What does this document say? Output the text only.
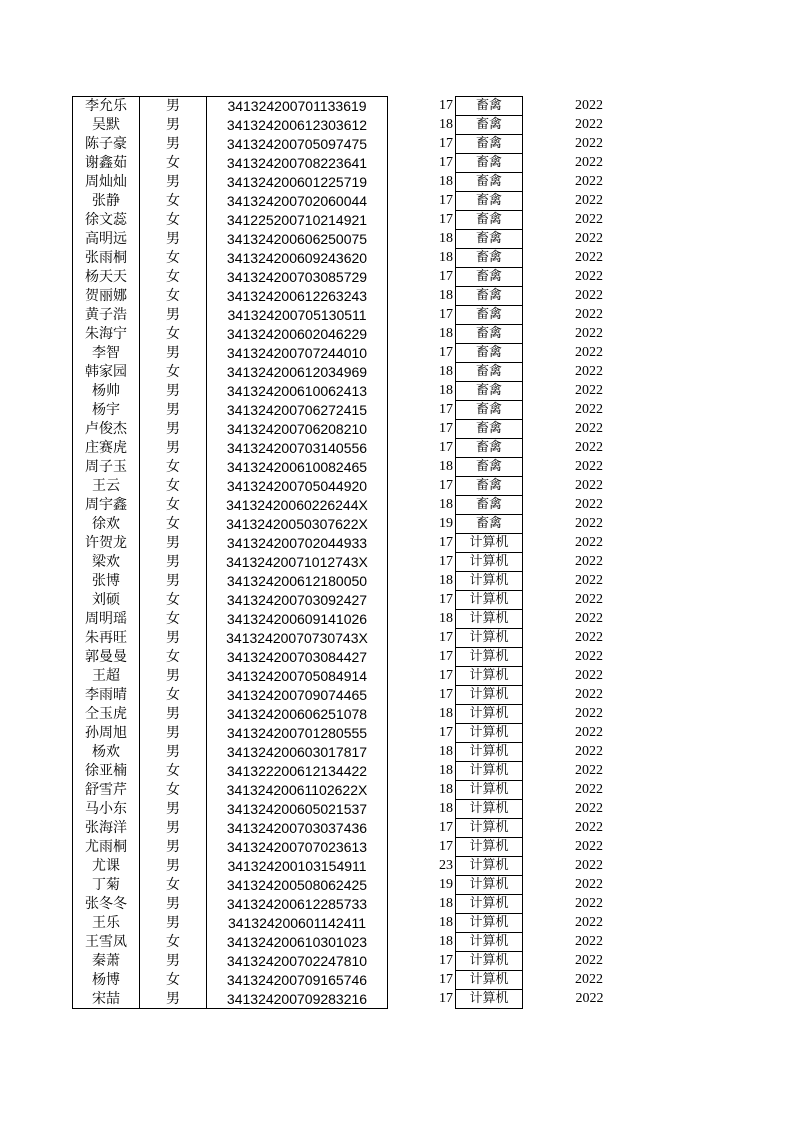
李允乐	男	341324200701133619		17	畜禽	2022
吴默	男	341324200612303612		18	畜禽	2022
陈子豪	男	341324200705097475		17	畜禽	2022
谢鑫茹	女	341324200708223641		17	畜禽	2022
周灿灿	男	341324200601225719		18	畜禽	2022
张静	女	341324200702060044		17	畜禽	2022
徐文蕊	女	341225200710214921		17	畜禽	2022
高明远	男	341324200606250075		18	畜禽	2022
张雨桐	女	341324200609243620		18	畜禽	2022
杨天天	女	341324200703085729		17	畜禽	2022
贺丽娜	女	341324200612263243		18	畜禽	2022
黄子浩	男	341324200705130511		17	畜禽	2022
朱海宁	女	341324200602046229		18	畜禽	2022
李智	男	341324200707244010		17	畜禽	2022
韩家园	女	341324200612034969		18	畜禽	2022
杨帅	男	341324200610062413		18	畜禽	2022
杨宇	男	341324200706272415		17	畜禽	2022
卢俊杰	男	341324200706208210		17	畜禽	2022
庄赛虎	男	341324200703140556		17	畜禽	2022
周子玉	女	341324200610082465		18	畜禽	2022
王云	女	341324200705044920		17	畜禽	2022
周宇鑫	女	34132420060226244X		18	畜禽	2022
徐欢	女	34132420050307622X		19	畜禽	2022
许贺龙	男	341324200702044933		17	计算机	2022
梁欢	男	34132420071012743X		17	计算机	2022
张博	男	341324200612180050		18	计算机	2022
刘硕	女	341324200703092427		17	计算机	2022
周明瑶	女	341324200609141026		18	计算机	2022
朱再旺	男	34132420070730743X		17	计算机	2022
郭曼曼	女	341324200703084427		17	计算机	2022
王超	男	341324200705084914		17	计算机	2022
李雨晴	女	341324200709074465		17	计算机	2022
仝玉虎	男	341324200606251078		18	计算机	2022
孙周旭	男	341324200701280555		17	计算机	2022
杨欢	男	341324200603017817		18	计算机	2022
徐亚楠	女	341322200612134422		18	计算机	2022
舒雪芹	女	34132420061102622X		18	计算机	2022
马小东	男	341324200605021537		18	计算机	2022
张海洋	男	341324200703037436		17	计算机	2022
尤雨桐	男	341324200707023613		17	计算机	2022
尤课	男	341324200103154911		23	计算机	2022
丁菊	女	341324200508062425		19	计算机	2022
张冬冬	男	341324200612285733		18	计算机	2022
王乐	男	341324200601142411		18	计算机	2022
王雪凤	女	341324200610301023		18	计算机	2022
秦萧	男	341324200702247810		17	计算机	2022
杨博	女	341324200709165746		17	计算机	2022
宋喆	男	341324200709283216		17	计算机	2022
